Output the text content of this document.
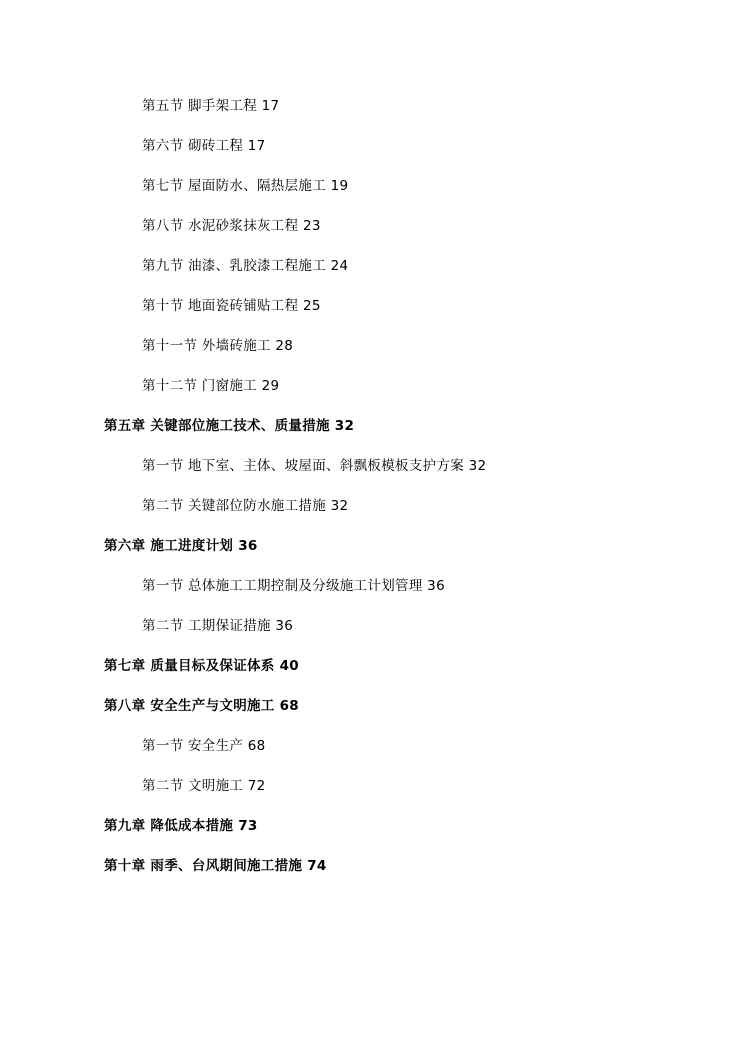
第五节 脚手架工程 17
第六节 砌砖工程 17
第七节 屋面防水、隔热层施工 19
第八节 水泥砂浆抹灰工程 23
第九节 油漆、乳胶漆工程施工 24
第十节 地面瓷砖铺贴工程 25
第十一节 外墙砖施工 28
第十二节 门窗施工 29
第五章 关键部位施工技术、质量措施 32
第一节 地下室、主体、坡屋面、斜飘板模板支护方案 32
第二节 关键部位防水施工措施 32
第六章 施工进度计划 36
第一节 总体施工工期控制及分级施工计划管理 36
第二节 工期保证措施 36
第七章 质量目标及保证体系 40
第八章 安全生产与文明施工 68
第一节 安全生产 68
第二节 文明施工 72
第九章 降低成本措施 73
第十章 雨季、台风期间施工措施 74
